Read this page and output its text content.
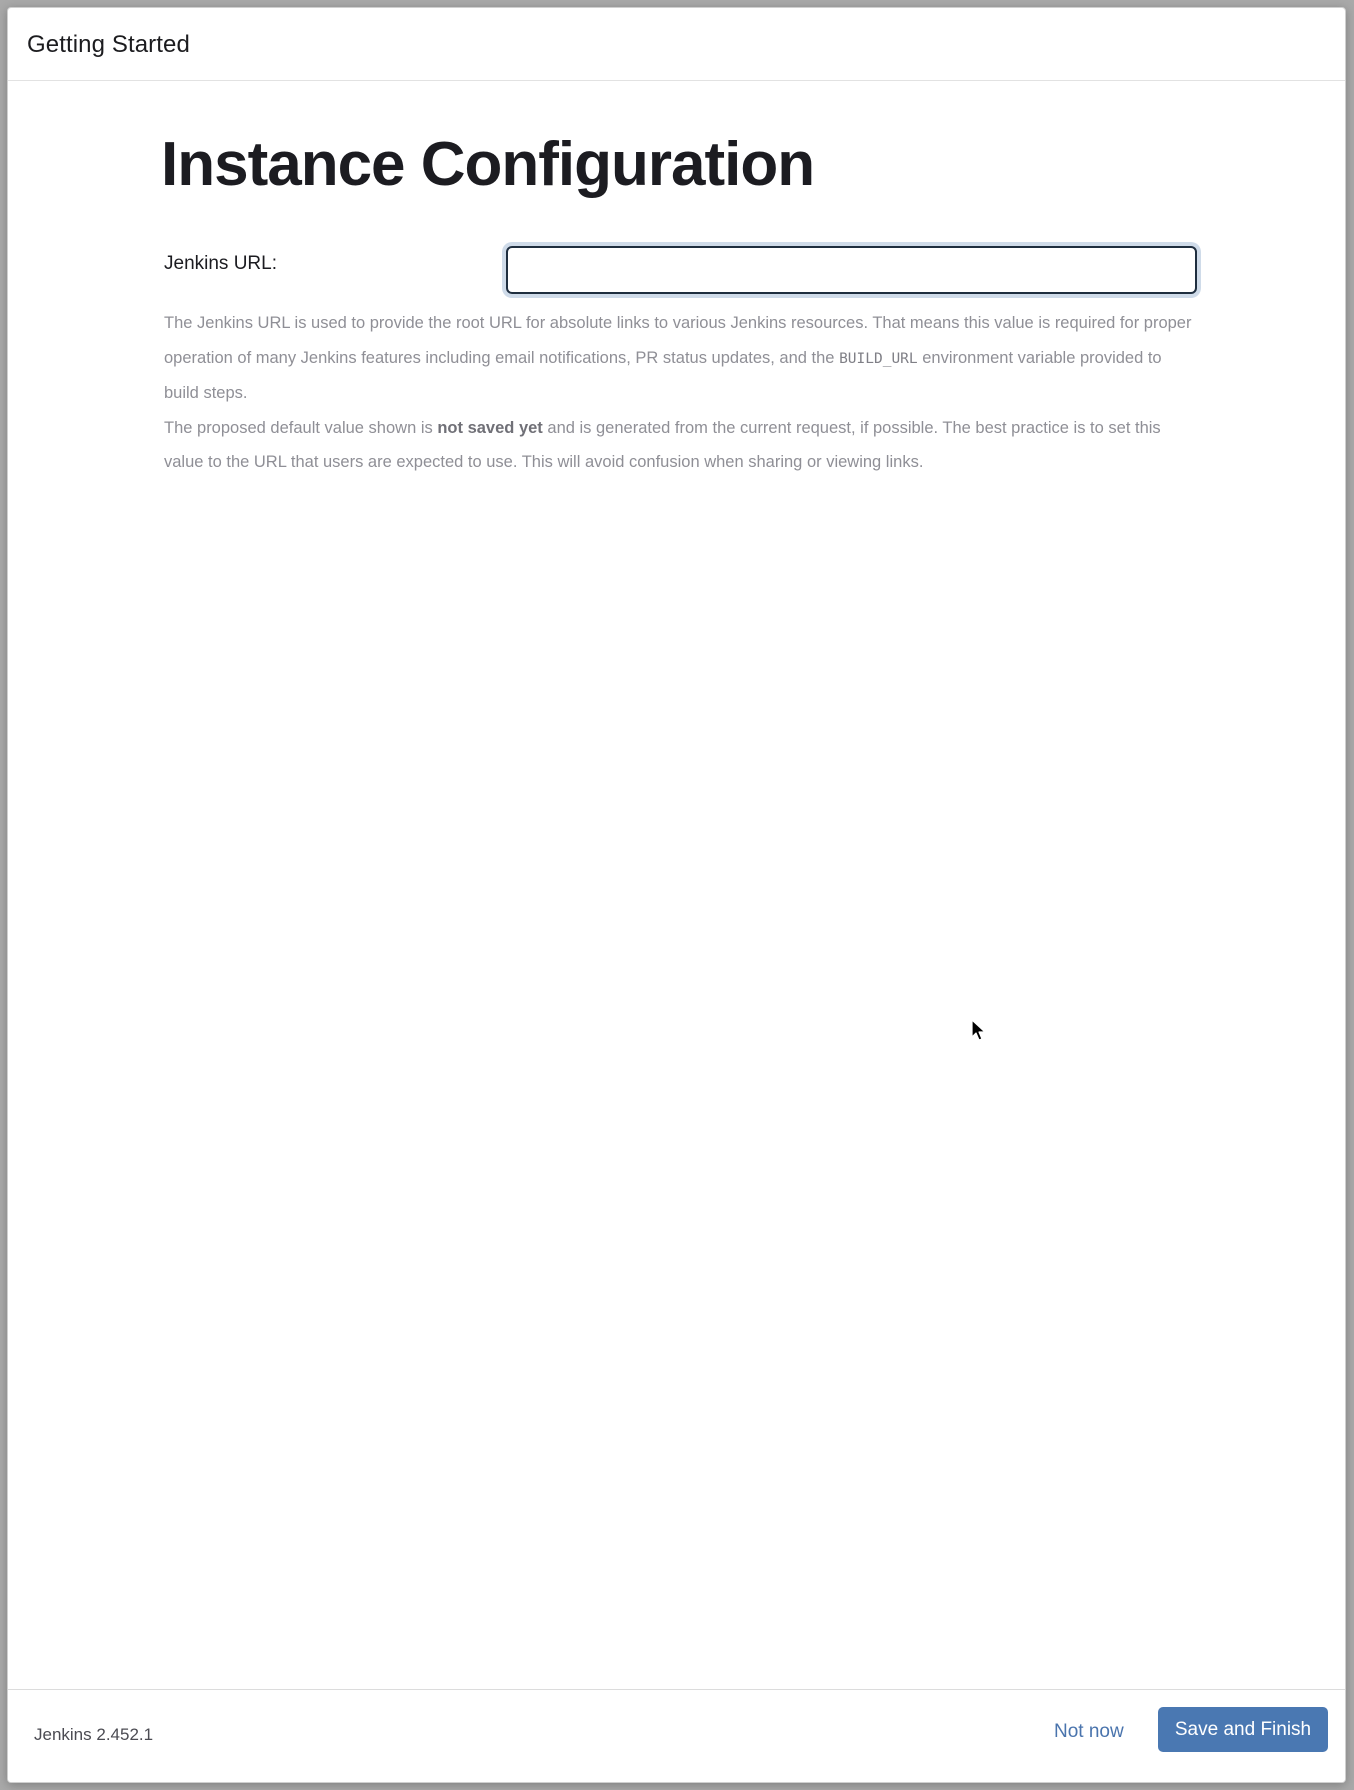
Getting Started
Instance Configuration
Jenkins URL:

The Jenkins URL is used to provide the root URL for absolute links to various Jenkins resources. That means this value is required for proper operation of many Jenkins features including email notifications, PR status updates, and the BUILD_URL environment variable provided to build steps.

The proposed default value shown is not saved yet and is generated from the current request, if possible. The best practice is to set this value to the URL that users are expected to use. This will avoid confusion when sharing or viewing links.

Jenkins 2.452.1	Not now	Save and Finish
